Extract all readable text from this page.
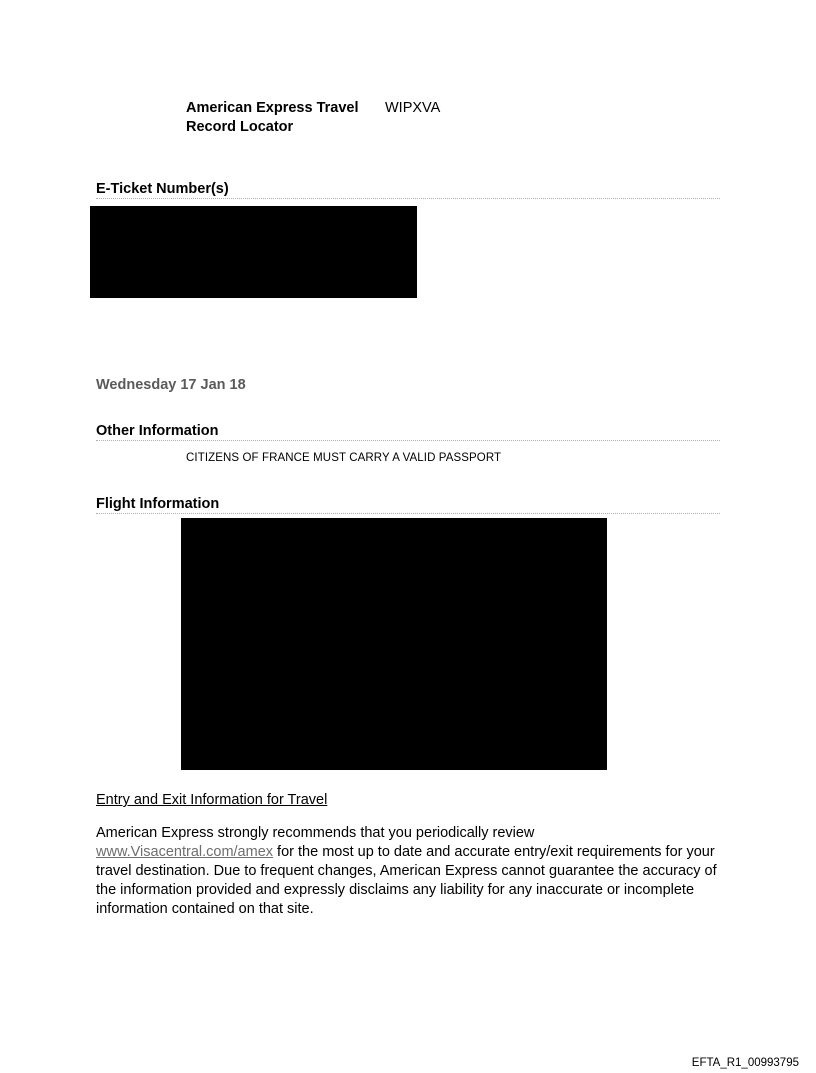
American Express Travel
Record Locator
WIPXVA
E-Ticket Number(s)
Wednesday 17 Jan 18
Other Information
CITIZENS OF FRANCE MUST CARRY A VALID PASSPORT
Flight Information
Entry and Exit Information for Travel
American Express strongly recommends that you periodically review
www.Visacentral.com/amex for the most up to date and accurate entry/exit requirements for your travel destination. Due to frequent changes, American Express cannot guarantee the accuracy of the information provided and expressly disclaims any liability for any inaccurate or incomplete information contained on that site.
EFTA_R1_00993795
